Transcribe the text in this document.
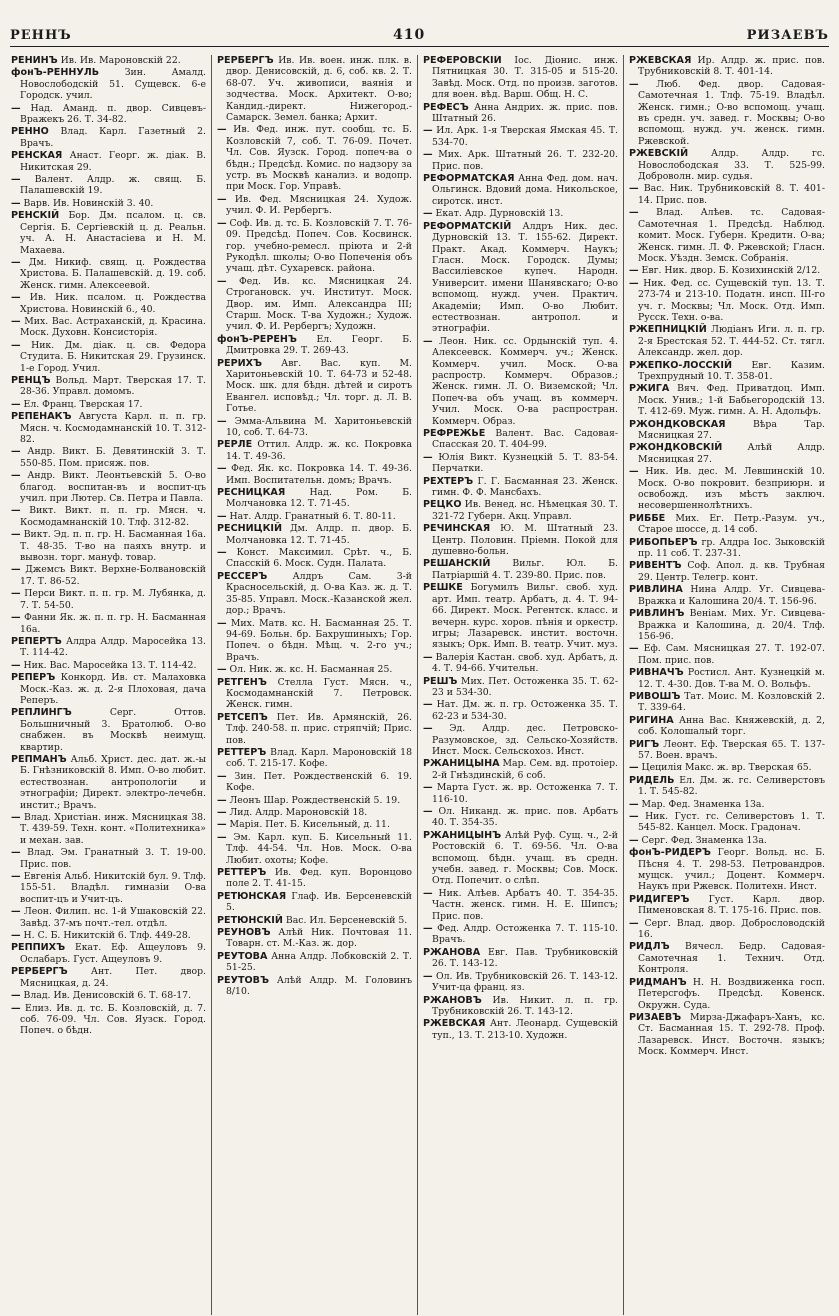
РЕННЪ	410	РИЗАЕВЪ

РЕНИНЪ Ив. Ив. Мароновскій 22.

фонЪ-РЕННУЛЬ Зин. Амалд. Новослободскій 51. Сущевск. 6-е Городск. учил.

— Над. Аманд. п. двор. Сивцевъ-Вражекъ 26. Т. 34-82.

РЕННО Влад. Карл. Газетный 2. Врачъ.

РЕНСКАЯ Анаст. Георг. ж. діак. В. Никитская 29.

— Валент. Алдр. ж. свящ. Б. Палашевскій 19.

— Варв. Ив. Новинскій 3. 40.

РЕНСКІЙ Бор. Дм. псалом. ц. св. Сергія. Б. Сергіевскій ц. д. Реальн. уч. А. Н. Анастасіева и Н. М. Махаева.

— Дм. Никиф. свящ. ц. Рождества Христова. Б. Палашевскій. д. 19. соб. Женск. гимн. Алексеевой.

— Ив. Ник. псалом. ц. Рождества Христова. Новинскій 6., 40.

— Мих. Вас. Астраханскій, д. Красина. Моск. Духовн. Консисторія.

— Ник. Дм. діак. ц. св. Федора Студита. Б. Никитская 29. Грузинск. 1-е Город. Учил.

РЕНЦЪ Вольд. Март. Тверская 17. Т. 28-36. Управл. домомъ.

— Ел. Франц. Тверская 17.

РЕПЕНАКЪ Августа Карл. п. п. гр. Мясн. ч. Космодамнанскій 10. Т. 312-82.

— Андр. Викт. Б. Девятинскій 3. Т. 550-85. Пом. присяж. пов.

— Андр. Викт. Леонтьевскій 5. О-во благод. воспитан-въ и воспит-цъ учил. при Лютер. Св. Петра и Павла.

— Викт. Викт. п. п. гр. Мясн. ч. Космодамнанскій 10. Тлф. 312-82.

— Викт. Эд. п. п. гр. Н. Басманная 16а. Т. 48-35. Т-во на паяхъ внутр. и вывозн. торг. мануф. товар.

— Джемсъ Викт. Верхне-Болвановскій 17. Т. 86-52.

— Перси Викт. п. п. гр. М. Лубянка, д. 7. Т. 54-50.

— Фанни Як. ж. п. п. гр. Н. Басманная 16а.

РЕПЕРТЪ Алдра Алдр. Маросейка 13. Т. 114-42.

— Ник. Вас. Маросейка 13. Т. 114-42.

РЕПЕРЪ Конкорд. Ив. ст. Малаховка Моск.-Каз. ж. д. 2-я Плоховая, дача Реперъ.

РЕПЛИНГЪ Серг. Оттов. Большничный 3. Братолюб. О-во снабжен. въ Москвѣ неимущ. квартир.

РЕПМАНЪ Альб. Христ. дес. дат. ж.-ы Б. Гнѣзниковскій 8. Имп. О-во любит. естествознан. антропологіи и этнографіи; Директ. электро-лечебн. инстит.; Врачъ.

— Влад. Христіан. инж. Мясницкая 38. Т. 439-59. Техн. конт. «Политехника» и механ. зав.

— Влад. Эм. Гранатный 3. Т. 19-00. Прис. пов.

— Евгенія Альб. Никитскій бул. 9. Тлф. 155-51. Владѣл. гимназіи О-ва воспит-цъ и Учит-цъ.

— Леон. Филип. нс. 1-й Ушаковскій 22. Завѣд. 37-мъ почт.-тел. отдѣл.

— Н. С. Б. Никитскій 6. Тлф. 449-28.

РЕППИХЪ Екат. Еф. Ащеуловъ 9. Ослабаръ. Густ. Ащеуловъ 9.

РЕРБЕРГЪ Ант. Пет. двор. Мясницкая, д. 24.

— Влад. Ив. Денисовскій 6. Т. 68-17.

— Елиз. Ив. д. тс. Б. Козловскій, д. 7. соб. 76-09. Чл. Сов. Яузск. Город. Попеч. о бѣдн.

РЕРБЕРГЪ Ив. Ив. воен. инж. плк. в. двор. Денисовскій, д. 6, соб. кв. 2. Т. 68-07. Уч. живописи, ваянія и зодчества. Моск. Архитект. О-во; Кандид.-директ. Нижегород.-Самарск. Земел. банка; Архит.

— Ив. Фед. инж. пут. сообщ. тс. Б. Козловскій 7, соб. Т. 76-09. Почет. Чл. Сов. Яузск. Город. попеч-ва о бѣдн.; Предсѣд. Комис. по надзору за устр. въ Москвѣ канализ. и водопр. при Моск. Гор. Управѣ.

— Ив. Фед. Мясницкая 24. Худож. учил. Ф. И. Рербергъ.

— Соф. Ив. д. тс. Б. Козловскій 7. Т. 76-09. Предсѣд. Попеч. Сов. Косвинск. гор. учебно-ремесл. пріюта и 2-й Рукодѣл. школы; О-во Попеченія объ учащ. дѣт. Сухаревск. района.

— Фед. Ив. кс. Мясницкая 24. Строгановск. уч. Институт. Моск. Двор. им. Имп. Александра III; Старш. Моск. Т-ва Художн.; Худож. учил. Ф. И. Рербергъ; Художн.

фонЪ-РЕРЕНЪ Ел. Георг. Б. Дмитровка 29. Т. 269-43.

РЕРИХЪ Авг. Вас. куп. М. Харитоньевскій 10. Т. 64-73 и 52-48. Моск. шк. для бѣдн. дѣтей и сиротъ Евангел. исповѣд.; Чл. торг. д. Л. В. Готье.

— Эмма-Альвина М. Харитоньевскій 10, соб. Т. 64-73.

РЕРЛЕ Оттил. Алдр. ж. кс. Покровка 14. Т. 49-36.

— Фед. Як. кс. Покровка 14. Т. 49-36. Имп. Воспитательн. домъ; Врачъ.

РЕСНИЦКАЯ Над. Ром. Б. Молчановка 12. Т. 71-45.

— Нат. Алдр. Гранатный 6. Т. 80-11.

РЕСНИЦКІЙ Дм. Алдр. п. двор. Б. Молчановка 12. Т. 71-45.

— Конст. Максимил. Срѣт. ч., Б. Спасскій 6. Моск. Судн. Палата.

РЕССЕРЪ Алдръ Сам. 3-й Красносельскій, д. О-ва Каз. ж. д. Т. 35-85. Управл. Моск.-Казанской жел. дор.; Врачъ.

— Мих. Матв. кс. Н. Басманная 25. Т. 94-69. Больн. бр. Бахрушиныхъ; Гор. Попеч. о бѣдн. Мѣщ. ч. 2-го уч.; Врачъ.

— Ол. Ник. ж. кс. Н. Басманная 25.

РЕТГЕНЪ Стелла Густ. Мясн. ч., Космодамнанскій 7. Петровск. Женск. гимн.

РЕТСЕПЪ Пет. Ив. Армянскій, 26. Тлф. 240-58. п. прис. стряпчій; Прис. пов.

РЕТТЕРЪ Влад. Карл. Мароновскій 18 соб. Т. 215-17. Кофе.

— Зин. Пет. Рождественскій 6. 19. Кофе.

— Леонъ Шар. Рождественскій 5. 19.

— Лид. Алдр. Мароновскій 18.

— Марія. Пет. Б. Кисельный, д. 11.

— Эм. Карл. куп. Б. Кисельный 11. Тлф. 44-54. Чл. Нов. Моск. О-ва Любит. охоты; Кофе.

РЕТТЕРЪ Ив. Фед. куп. Воронцово поле 2. Т. 41-15.

РЕТЮНСКАЯ Глаф. Ив. Берсеневскій 5.

РЕТЮНСКІЙ Вас. Ил. Берсеневскій 5.

РЕУНОВЪ Алѣй Ник. Почтовая 11. Товарн. ст. М.-Каз. ж. дор.

РЕУТОВА Анна Алдр. Лобковскій 2. Т. 51-25.

РЕУТОВЪ Алѣй Алдр. М. Головинъ 8/10.

РЕФЕРОВСКІЙ Іос. Діонис. инж. Пятницкая 30. Т. 315-05 и 515-20. Завѣд. Моск. Отд. по произв. заготов. для воен. вѣд. Варш. Общ. Н. С.

РЕФЕСЪ Анна Андрих. ж. прис. пов. Штатный 26.

— Ил. Арк. 1-я Тверская Ямская 45. Т. 534-70.

— Мих. Арк. Штатный 26. Т. 232-20. Прис. пов.

РЕФОРМАТСКАЯ Анна Фед. дом. нач. Ольгинск. Вдовий дома. Никольское, сиротск. инст.

— Екат. Адр. Дурновскій 13.

РЕФОРМАТСКІЙ Алдръ Ник. дес. Дурновскій 13. Т. 155-62. Директ. Практ. Акад. Коммерч. Наукъ; Гласн. Моск. Городск. Думы; Вассиліевское купеч. Народн. Университ. имени Шанявскаго; О-во вспомощ. нужд. учен. Практич. Академіи; Имп. О-во Любит. естествознан. антропол. и этнографіи.

— Леон. Ник. сс. Ордынскій туп. 4. Алексеевск. Коммерч. уч.; Женск. Коммерч. учил. Моск. О-ва распростр. Коммерч. Образов.; Женск. гимн. Л. О. Виземской; Чл. Попеч-ва объ учащ. въ коммерч. Учил. Моск. О-ва распростран. Коммерч. Образ.

РЕФРЕЖЬЕ Валент. Вас. Садовая-Спасская 20. Т. 404-99.

— Юлія Викт. Кузнецкій 5. Т. 83-54. Перчатки.

РЕХТЕРЪ Г. Г. Басманная 23. Женск. гимн. Ф. Ф. Мансбахъ.

РЕЦКО Ив. Венед. нс. Нѣмецкая 30. Т. 321-72 Губерн. Акц. Управл.

РЕЧИНСКАЯ Ю. М. Штатный 23. Центр. Половин. Пріемн. Покой для душевно-больн.

РЕШАНСКІЙ Вильг. Юл. Б. Патріаршій 4. Т. 239-80. Прис. пов.

РЕШКЕ Богумилъ Вильг. своб. худ. арт. Имп. театр. Арбатъ, д. 4. Т. 94-66. Директ. Моск. Регентск. класс. и вечерн. курс. хоров. пѣнія и оркестр. игры; Лазаревск. инстит. восточн. языкъ; Орк. Имп. В. театр. Учит. муз.

— Валерія Кастан. своб. худ. Арбатъ, д. 4. Т. 94-66. Учительн.

РЕШЪ Мих. Пет. Остоженка 35. Т. 62-23 и 534-30.

— Нат. Дм. ж. п. гр. Остоженка 35. Т. 62-23 и 534-30.

— Эд. Алдр. дес. Петровско-Разумовское, зд. Сельско-Хозяйств. Инст. Моск. Сельскохоз. Инст.

РЖАНИЦЫНА Мар. Сем. вд. протоіер. 2-й Гнѣздинскій, 6 соб.

— Марта Густ. ж. вр. Остоженка 7. Т. 116-10.

— Ол. Никанд. ж. прис. пов. Арбатъ 40. Т. 354-35.

РЖАНИЦЫНЪ Алѣй Руф. Сущ. ч., 2-й Ростовскій 6. Т. 69-56. Чл. О-ва вспомощ. бѣдн. учащ. въ средн. учебн. завед. г. Москвы; Сов. Моск. Отд. Попечит. о слѣп.

— Ник. Алѣев. Арбатъ 40. Т. 354-35. Частн. женск. гимн. Н. Е. Шипсъ; Прис. пов.

— Фед. Алдр. Остоженка 7. Т. 115-10. Врачъ.

РЖАНОВА Евг. Пав. Трубниковскій 26. Т. 143-12.

— Ол. Ив. Трубниковскій 26. Т. 143-12. Учит-ца франц. яз.

РЖАНОВЪ Ив. Никит. л. п. гр. Трубниковскій 26. Т. 143-12.

РЖЕВСКАЯ Ант. Леонард. Сущевскій туп., 13. Т. 213-10. Художн.

РЖЕВСКАЯ Ир. Алдр. ж. прис. пов. Трубниковскій 8. Т. 401-14.

— Люб. Фед. двор. Садовая-Самотечная 1. Тлф. 75-19. Владѣл. Женск. гимн.; О-во вспомощ. учащ. въ средн. уч. завед. г. Москвы; О-во вспомощ. нужд. уч. женск. гимн. Ржевской.

РЖЕВСКІЙ Алдр. Алдр. гс. Новослободская 33. Т. 525-99. Доброволн. мир. судья.

— Вас. Ник. Трубниковскій 8. Т. 401-14. Прис. пов.

— Влад. Алѣев. тс. Садовая-Самотечная 1. Предсѣд. Наблюд. комит. Моск. Губерн. Кредитн. О-ва; Женск. гимн. Л. Ф. Ржевской; Гласн. Моск. Уѣздн. Земск. Собранія.

— Евг. Ник. двор. Б. Козихинскій 2/12.

— Ник. Фед. сс. Сущевскій туп. 13. Т. 273-74 и 213-10. Податн. инсп. III-го уч. г. Москвы; Чл. Моск. Отд. Имп. Русск. Техн. о-ва.

РЖЕПНИЦКІЙ Людіанъ Иги. л. п. гр. 2-я Брестская 52. Т. 444-52. Ст. тягл. Александр. жел. дор.

РЖЕПКО-ЛОССКІЙ Евг. Казим. Трехпрудный 10. Т. 358-01.

РЖИГА Вяч. Фед. Приватдоц. Имп. Моск. Унив.; 1-й Бабьегородскій 13. Т. 412-69. Муж. гимн. А. Н. Адольфъ.

РЖОНДКОВСКАЯ Вѣра Тар. Мясницкая 27.

РЖОНДКОВСКІЙ Алѣй Алдр. Мясницкая 27.

— Ник. Ив. дес. М. Левшинскій 10. Моск. О-во покровит. безприюрн. и освобожд. изъ мѣстъ заключ. несовершеннолѣтнихъ.

РИББЕ Мих. Ег. Петр.-Разум. уч., Старое шоссе, д. 14 соб.

РИБОПЬЕРЪ гр. Алдра Іос. Зыковскій пр. 11 соб. Т. 237-31.

РИВЕНТЪ Соф. Апол. д. кв. Трубная 29. Центр. Телегр. конт.

РИВЛИНА Нина Алдр. Уг. Сивцева-Вражка и Калошина 20/4. Т. 156-96.

РИВЛИНЪ Веніам. Мих. Уг. Сивцева-Вражка и Калошина, д. 20/4. Тлф. 156-96.

— Еф. Сам. Мясницкая 27. Т. 192-07. Пом. прис. пов.

РИВНАЧЪ Ростисл. Ант. Кузнецкій м. 12. Т. 4-30. Дов. Т-ва М. О. Вольфъ.

РИВОШЪ Тат. Моис. М. Козловскій 2. Т. 339-64.

РИГИНА Анна Вас. Княжевскій, д. 2, соб. Колошалый торг.

РИГЪ Леонт. Еф. Тверская 65. Т. 137-57. Воен. врачъ.

— Цецилія Макс. ж. вр. Тверская 65.

РИДЕЛЬ Ел. Дм. ж. гс. Селиверстовъ 1. Т. 545-82.

— Мар. Фед. Знаменка 13а.

— Ник. Густ. гс. Селиверстовъ 1. Т. 545-82. Канцел. Моск. Градонач.

— Серг. Фед. Знаменка 13а.

фонЪ-РИДЕРЪ Георг. Вольд. нс. Б. Пѣсня 4. Т. 298-53. Петровандров. мущск. учил.; Доцент. Коммерч. Наукъ при Ржевск. Политехн. Инст.

РИДИГЕРЪ Густ. Карл. двор. Пименовская 8. Т. 175-16. Прис. пов.

— Серг. Влад. двор. Добрословодскій 16.

РИДЛЪ Вячесл. Бедр. Садовая-Самотечная 1. Технич. Отд. Контроля.

РИДМАНЪ Н. Н. Воздвиженка госп. Петерсгофъ. Предсѣд. Ковенск. Окружн. Суда.

РИЗАЕВЪ Мирза-Джафаръ-Ханъ, кс. Ст. Басманная 15. Т. 292-78. Проф. Лазаревск. Инст. Восточн. языкъ; Моск. Коммерч. Инст.
